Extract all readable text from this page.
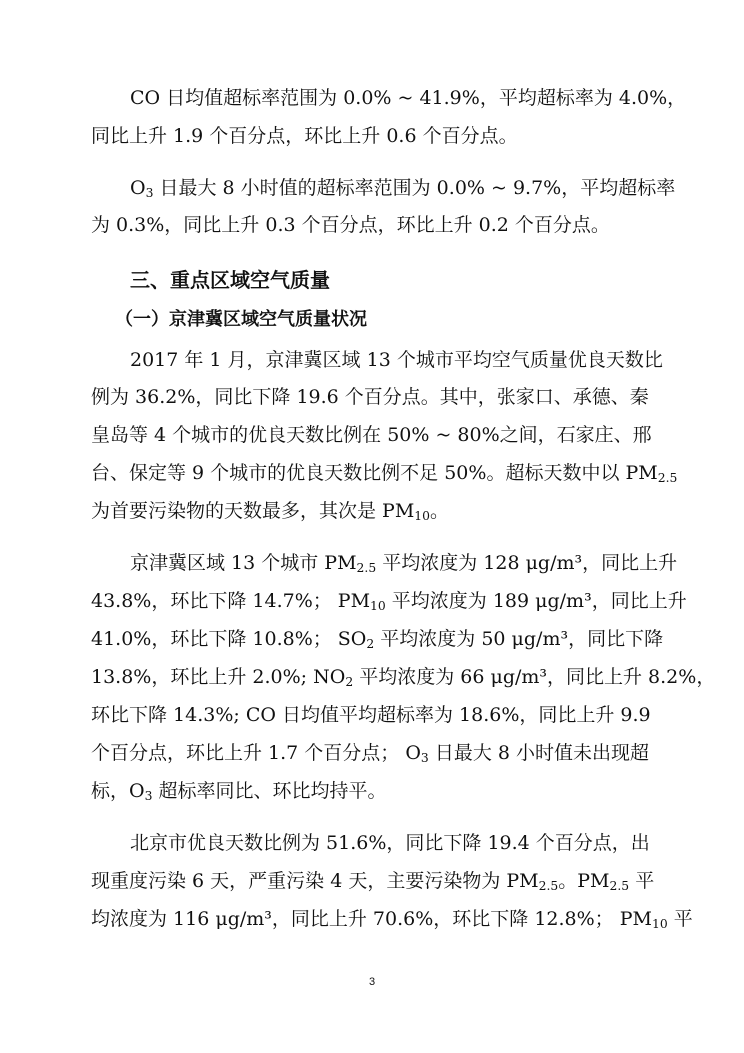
CO 日均值超标率范围为 0.0% ~ 41.9%，平均超标率为 4.0%，
同比上升 1.9 个百分点，环比上升 0.6 个百分点。
$O_3$ 日最大 8 小时值的超标率范围为 0.0% ~ 9.7%，平均超标率
为 0.3%，同比上升 0.3 个百分点，环比上升 0.2 个百分点。
三、重点区域空气质量
（一）京津冀区域空气质量状况
2017 年 1 月，京津冀区域 13 个城市平均空气质量优良天数比
例为 36.2%，同比下降 19.6 个百分点。其中，张家口、承德、秦
皇岛等 4 个城市的优良天数比例在 50% ~ 80%之间，石家庄、邢
台、保定等 9 个城市的优良天数比例不足 50%。超标天数中以 $PM_{2.5}$
为首要污染物的天数最多，其次是 $PM_{10}$。
京津冀区域 13 个城市 $PM_{2.5}$ 平均浓度为 128 μg/m³，同比上升
43.8%，环比下降 14.7%； $PM_{10}$ 平均浓度为 189 μg/m³，同比上升
41.0%，环比下降 10.8%； $SO_2$ 平均浓度为 50 μg/m³，同比下降
13.8%，环比上升 2.0%; $NO_2$ 平均浓度为 66 μg/m³，同比上升 8.2%，
环比下降 14.3%; CO 日均值平均超标率为 18.6%，同比上升 9.9
个百分点，环比上升 1.7 个百分点； $O_3$ 日最大 8 小时值未出现超
标，$O_3$ 超标率同比、环比均持平。
北京市优良天数比例为 51.6%，同比下降 19.4 个百分点，出
现重度污染 6 天，严重污染 4 天，主要污染物为 $PM_{2.5}$。$PM_{2.5}$ 平
均浓度为 116 μg/m³，同比上升 70.6%，环比下降 12.8%； $PM_{10}$ 平
3
